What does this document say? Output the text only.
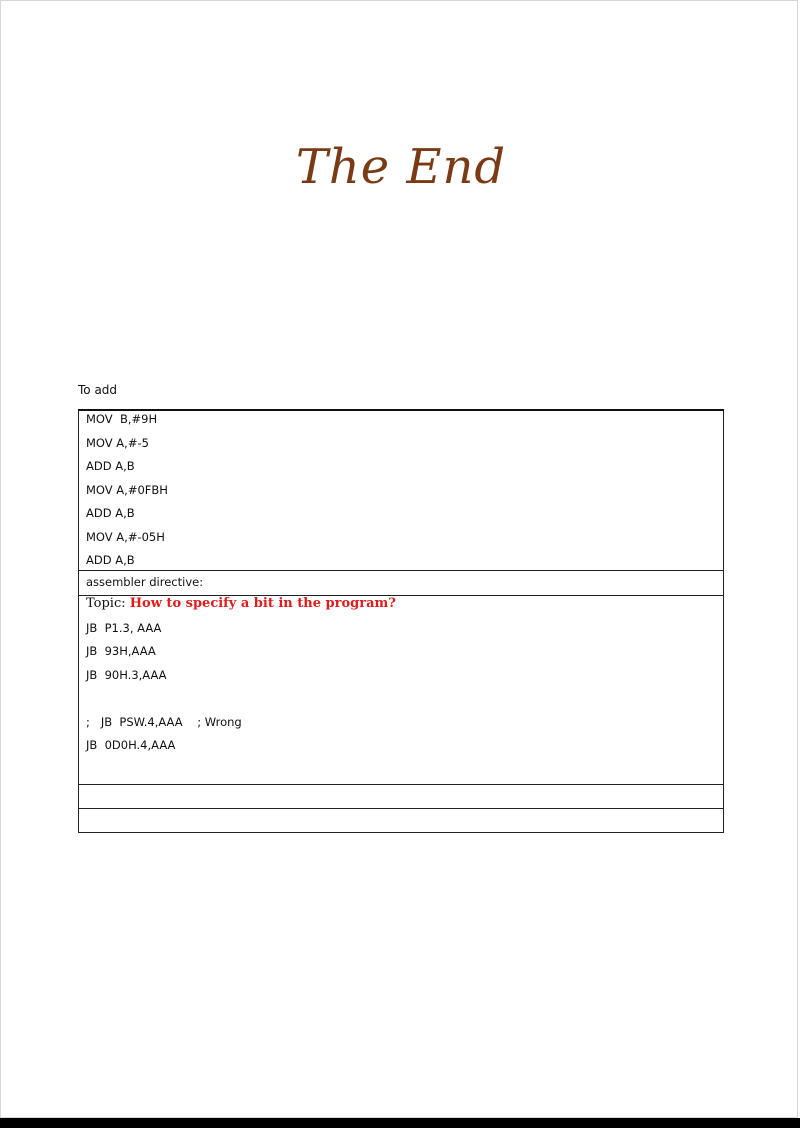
The End
To add
MOV  B,#9H
MOV A,#-5
ADD A,B
MOV A,#0FBH
ADD A,B
MOV A,#-05H
ADD A,B

assembler directive:

Topic: How to specify a bit in the program?
JB  P1.3, AAA
JB  93H,AAA
JB  90H.3,AAA
;   JB  PSW.4,AAA    ; Wrong
JB  0D0H.4,AAA
